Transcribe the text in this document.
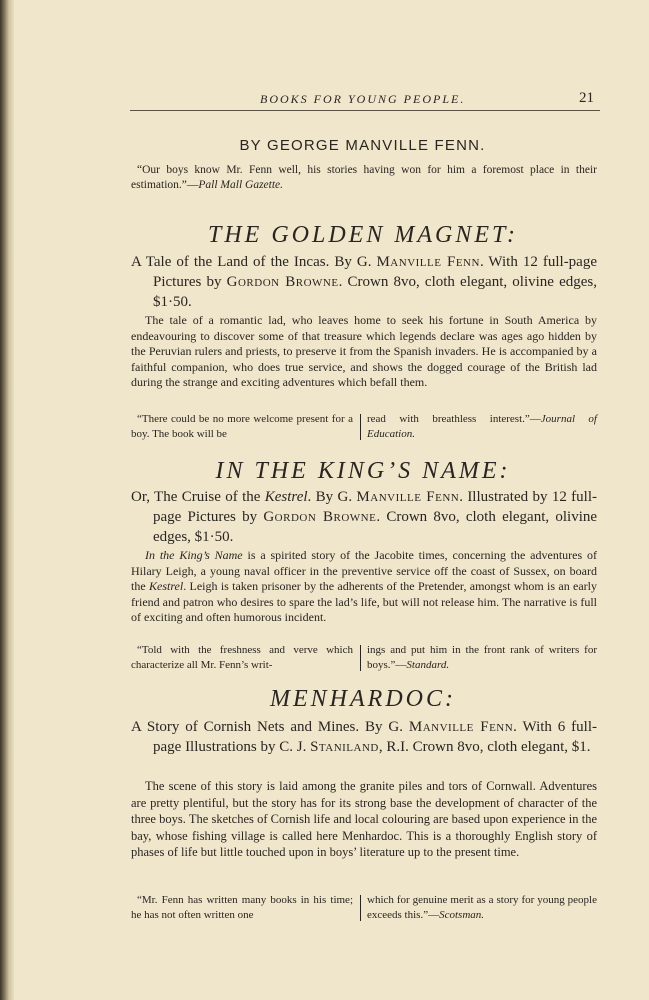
BOOKS FOR YOUNG PEOPLE.	21
BY GEORGE MANVILLE FENN.
“Our boys know Mr. Fenn well, his stories having won for him a foremost place in their estimation.”—Pall Mall Gazette.
THE GOLDEN MAGNET:
A Tale of the Land of the Incas. By G. Manville Fenn. With 12 full-page Pictures by Gordon Browne. Crown 8vo, cloth elegant, olivine edges, $1·50.
The tale of a romantic lad, who leaves home to seek his fortune in South America by endeavouring to discover some of that treasure which legends declare was ages ago hidden by the Peruvian rulers and priests, to preserve it from the Spanish invaders. He is accompanied by a faithful companion, who does true service, and shows the dogged courage of the British lad during the strange and exciting adventures which befall them.
“There could be no more welcome present for a boy. The book will be
read with breathless interest.”—Journal of Education.
IN THE KING’S NAME:
Or, The Cruise of the Kestrel. By G. Manville Fenn. Illustrated by 12 full-page Pictures by Gordon Browne. Crown 8vo, cloth elegant, olivine edges, $1·50.
In the King’s Name is a spirited story of the Jacobite times, concerning the adventures of Hilary Leigh, a young naval officer in the preventive service off the coast of Sussex, on board the Kestrel. Leigh is taken prisoner by the adherents of the Pretender, amongst whom is an early friend and patron who desires to spare the lad’s life, but will not release him. The narrative is full of exciting and often humorous incident.
“Told with the freshness and verve which characterize all Mr. Fenn’s writ-
ings and put him in the front rank of writers for boys.”—Standard.
MENHARDOC:
A Story of Cornish Nets and Mines. By G. Manville Fenn. With 6 full-page Illustrations by C. J. Staniland, R.I. Crown 8vo, cloth elegant, $1.
The scene of this story is laid among the granite piles and tors of Cornwall. Adventures are pretty plentiful, but the story has for its strong base the development of character of the three boys. The sketches of Cornish life and local colouring are based upon experience in the bay, whose fishing village is called here Menhardoc. This is a thoroughly English story of phases of life but little touched upon in boys’ literature up to the present time.
“Mr. Fenn has written many books in his time; he has not often written one
which for genuine merit as a story for young people exceeds this.”—Scotsman.
